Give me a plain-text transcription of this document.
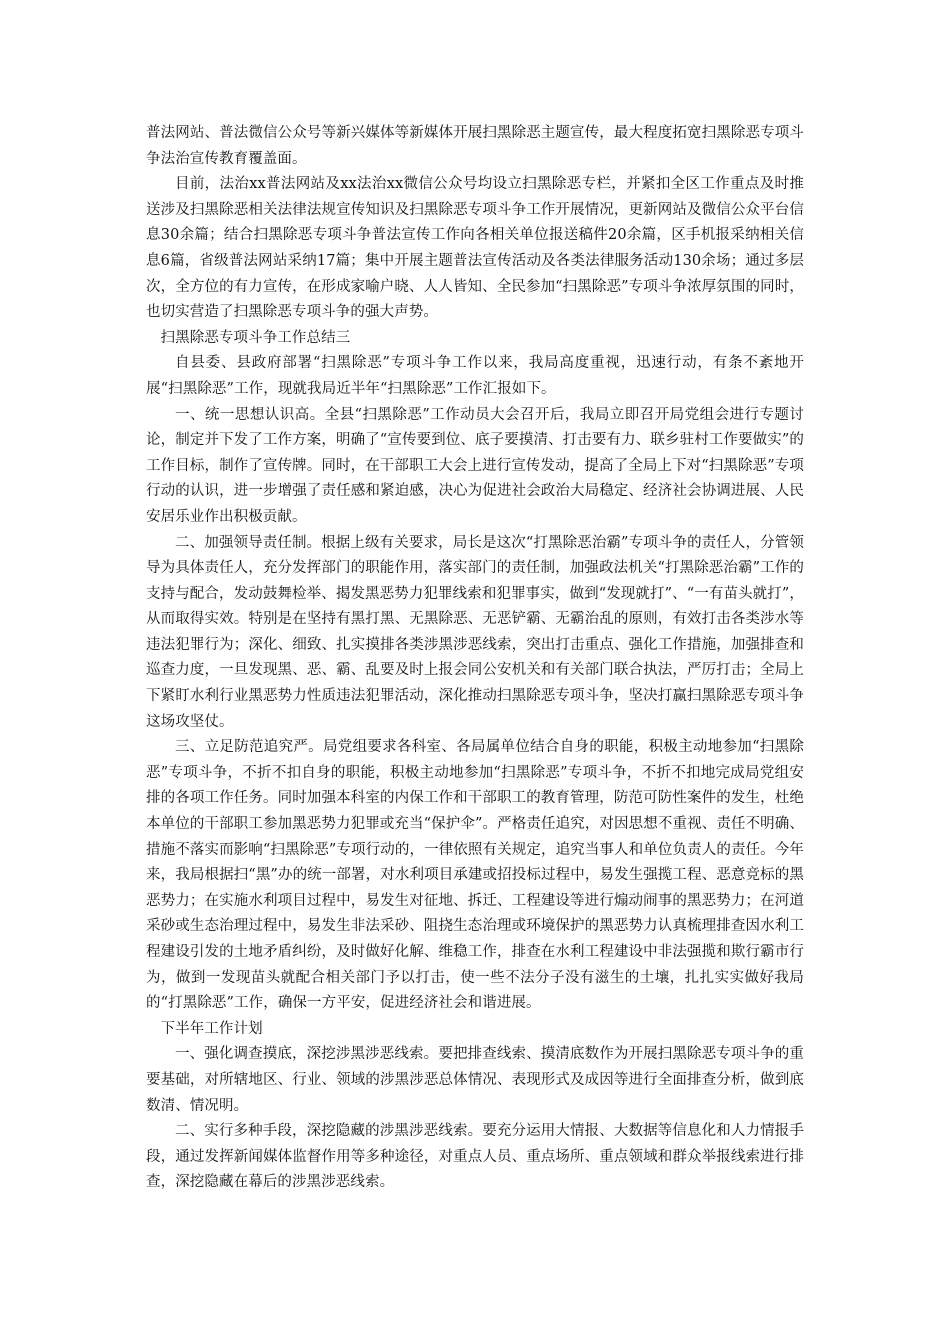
普法网站、普法微信公众号等新兴媒体等新媒体开展扫黑除恶主题宣传，最大程度拓宽扫黑除恶专项斗争法治宣传教育覆盖面。

目前，法治xx普法网站及xx法治xx微信公众号均设立扫黑除恶专栏，并紧扣全区工作重点及时推送涉及扫黑除恶相关法律法规宣传知识及扫黑除恶专项斗争工作开展情况，更新网站及微信公众平台信息30余篇；结合扫黑除恶专项斗争普法宣传工作向各相关单位报送稿件20余篇，区手机报采纳相关信息6篇，省级普法网站采纳17篇；集中开展主题普法宣传活动及各类法律服务活动130余场；通过多层次，全方位的有力宣传，在形成家喻户晓、人人皆知、全民参加“扫黑除恶”专项斗争浓厚氛围的同时，也切实营造了扫黑除恶专项斗争的强大声势。

扫黑除恶专项斗争工作总结三

自县委、县政府部署“扫黑除恶”专项斗争工作以来，我局高度重视，迅速行动，有条不紊地开展“扫黑除恶”工作，现就我局近半年“扫黑除恶”工作汇报如下。

一、统一思想认识高。全县“扫黑除恶”工作动员大会召开后，我局立即召开局党组会进行专题讨论，制定并下发了工作方案，明确了“宣传要到位、底子要摸清、打击要有力、联乡驻村工作要做实”的工作目标，制作了宣传牌。同时，在干部职工大会上进行宣传发动，提高了全局上下对“扫黑除恶”专项行动的认识，进一步增强了责任感和紧迫感，决心为促进社会政治大局稳定、经济社会协调进展、人民安居乐业作出积极贡献。

二、加强领导责任制。根据上级有关要求，局长是这次“打黑除恶治霸”专项斗争的责任人，分管领导为具体责任人，充分发挥部门的职能作用，落实部门的责任制，加强政法机关“打黑除恶治霸”工作的支持与配合，发动鼓舞检举、揭发黑恶势力犯罪线索和犯罪事实，做到“发现就打”、“一有苗头就打”，从而取得实效。特别是在坚持有黑打黑、无黑除恶、无恶铲霸、无霸治乱的原则，有效打击各类涉水等违法犯罪行为；深化、细致、扎实摸排各类涉黑涉恶线索，突出打击重点、强化工作措施，加强排查和巡查力度，一旦发现黑、恶、霸、乱要及时上报会同公安机关和有关部门联合执法，严厉打击；全局上下紧盯水利行业黑恶势力性质违法犯罪活动，深化推动扫黑除恶专项斗争，坚决打赢扫黑除恶专项斗争这场攻坚仗。

三、立足防范追究严。局党组要求各科室、各局属单位结合自身的职能，积极主动地参加“扫黑除恶”专项斗争，不折不扣自身的职能，积极主动地参加“扫黑除恶”专项斗争，不折不扣地完成局党组安排的各项工作任务。同时加强本科室的内保工作和干部职工的教育管理，防范可防性案件的发生，杜绝本单位的干部职工参加黑恶势力犯罪或充当“保护伞”。严格责任追究，对因思想不重视、责任不明确、措施不落实而影响“扫黑除恶”专项行动的，一律依照有关规定，追究当事人和单位负责人的责任。今年来，我局根据扫“黑”办的统一部署，对水利项目承建或招投标过程中，易发生强揽工程、恶意竞标的黑恶势力；在实施水利项目过程中，易发生对征地、拆迁、工程建设等进行煽动闹事的黑恶势力；在河道采砂或生态治理过程中，易发生非法采砂、阻挠生态治理或环境保护的黑恶势力认真梳理排查因水利工程建设引发的土地矛盾纠纷，及时做好化解、维稳工作，排查在水利工程建设中非法强揽和欺行霸市行为，做到一发现苗头就配合相关部门予以打击，使一些不法分子没有滋生的土壤，扎扎实实做好我局的“打黑除恶”工作，确保一方平安，促进经济社会和谐进展。

下半年工作计划

一、强化调查摸底，深挖涉黑涉恶线索。要把排查线索、摸清底数作为开展扫黑除恶专项斗争的重要基础，对所辖地区、行业、领域的涉黑涉恶总体情况、表现形式及成因等进行全面排查分析，做到底数清、情况明。

二、实行多种手段，深挖隐藏的涉黑涉恶线索。要充分运用大情报、大数据等信息化和人力情报手段，通过发挥新闻媒体监督作用等多种途径，对重点人员、重点场所、重点领域和群众举报线索进行排查，深挖隐藏在幕后的涉黑涉恶线索。
